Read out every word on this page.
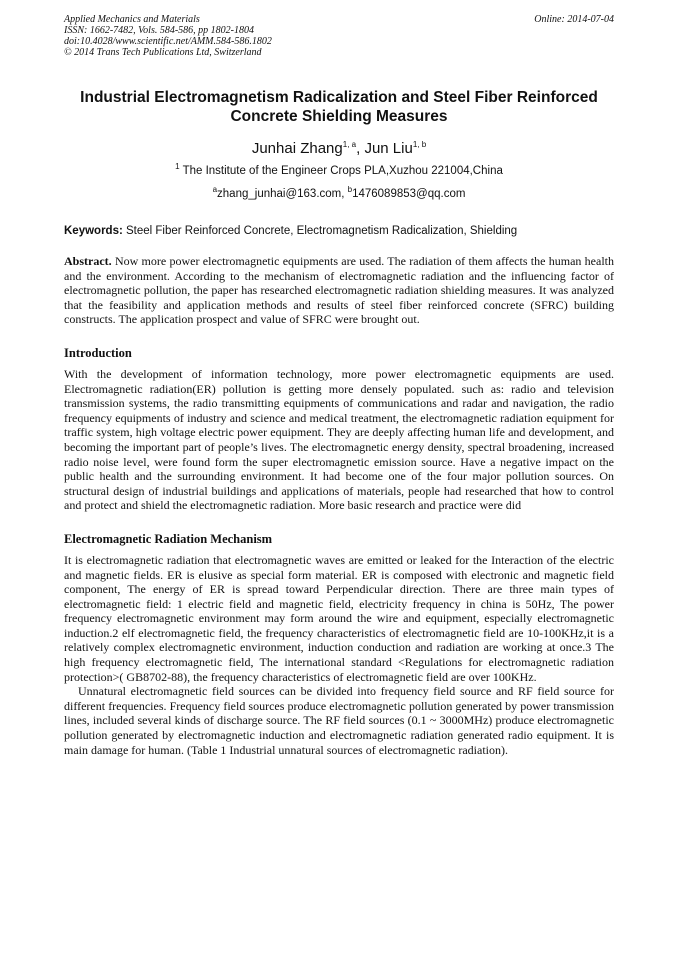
Applied Mechanics and Materials
ISSN: 1662-7482, Vols. 584-586, pp 1802-1804
doi:10.4028/www.scientific.net/AMM.584-586.1802
© 2014 Trans Tech Publications Ltd, Switzerland
Online: 2014-07-04
Industrial Electromagnetism Radicalization and Steel Fiber Reinforced
Concrete Shielding Measures
Junhai Zhang$^{1, a}$, Jun Liu$^{1, b}$
$^1$ The Institute of the Engineer Crops PLA,Xuzhou 221004,China
$^a$zhang_junhai@163.com, $^b$1476089853@qq.com
Keywords: Steel Fiber Reinforced Concrete, Electromagnetism Radicalization, Shielding

Abstract. Now more power electromagnetic equipments are used. The radiation of them affects the human health and the environment. According to the mechanism of electromagnetic radiation and the influencing factor of electromagnetic pollution, the paper has researched electromagnetic radiation shielding measures. It was analyzed that the feasibility and application methods and results of steel fiber reinforced concrete (SFRC) building constructs. The application prospect and value of SFRC were brought out.

Introduction

With the development of information technology, more power electromagnetic equipments are used. Electromagnetic radiation(ER) pollution is getting more densely populated. such as: radio and television transmission systems, the radio transmitting equipments of communications and radar and navigation, the radio frequency equipments of industry and science and medical treatment, the electromagnetic radiation equipment for traffic system, high voltage electric power equipment. They are deeply affecting human life and development, and becoming the important part of people’s lives. The electromagnetic energy density, spectral broadening, increased radio noise level, were found form the super electromagnetic emission source. Have a negative impact on the public health and the surrounding environment. It had become one of the four major pollution sources. On structural design of industrial buildings and applications of materials, people had researched that how to control and protect and shield the electromagnetic radiation. More basic research and practice were did

Electromagnetic Radiation Mechanism

It is electromagnetic radiation that electromagnetic waves are emitted or leaked for the Interaction of the electric and magnetic fields. ER is elusive as special form material. ER is composed with electronic and magnetic field component, The energy of ER is spread toward Perpendicular direction. There are three main types of electromagnetic field: 1 electric field and magnetic field, electricity frequency in china is 50Hz, The power frequency electromagnetic environment may form around the wire and equipment, especially electromagnetic induction.2 elf electromagnetic field, the frequency characteristics of electromagnetic field are 10-100KHz,it is a relatively complex electromagnetic environment, induction conduction and radiation are working at once.3 The high frequency electromagnetic field, The international standard <Regulations for electromagnetic radiation protection>( GB8702-88), the frequency characteristics of electromagnetic field are over 100KHz.

Unnatural electromagnetic field sources can be divided into frequency field source and RF field source for different frequencies. Frequency field sources produce electromagnetic pollution generated by power transmission lines, included several kinds of discharge source. The RF field sources (0.1 ~ 3000MHz) produce electromagnetic pollution generated by electromagnetic induction and electromagnetic radiation generated radio equipment. It is main damage for human. (Table 1 Industrial unnatural sources of electromagnetic radiation).
